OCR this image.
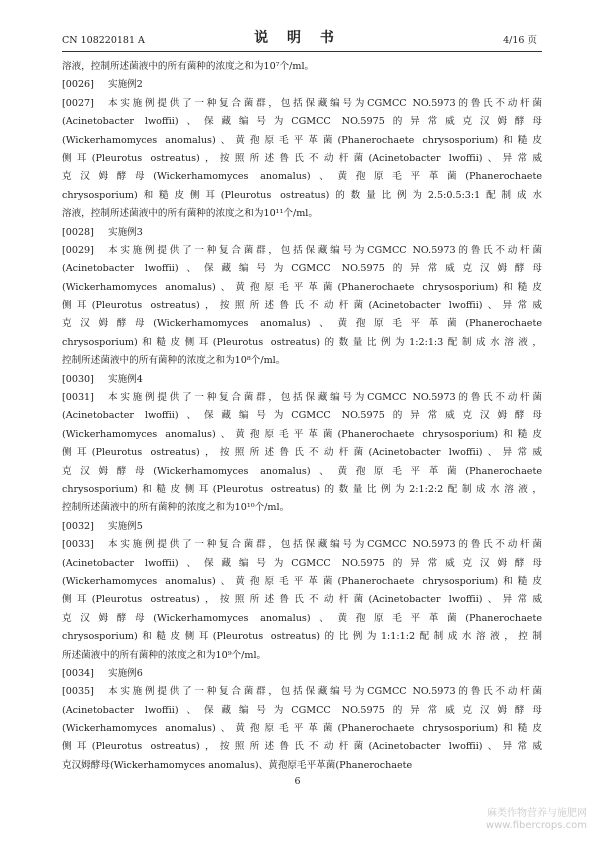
CN 108220181 A	说 明 书	4/16 页
溶液，控制所述菌液中的所有菌种的浓度之和为10⁷个/ml。
[0026]	实施例2
[0027]	本实施例提供了一种复合菌群，包括保藏编号为CGMCC NO.5973的鲁氏不动杆菌
(Acinetobacter lwoffii)、保藏编号为CGMCC NO.5975的异常威克汉姆酵母
(Wickerhamomyces anomalus)、黄孢原毛平革菌(Phanerochaete chrysosporium)和糙皮
侧耳(Pleurotus ostreatus)，按照所述鲁氏不动杆菌(Acinetobacter lwoffii)、异常威
克汉姆酵母(Wickerhamomyces anomalus)、黄孢原毛平革菌(Phanerochaete
chrysosporium)和糙皮侧耳(Pleurotus ostreatus)的数量比例为2.5:0.5:3:1配制成水
溶液，控制所述菌液中的所有菌种的浓度之和为10¹¹个/ml。
[0028]	实施例3
[0029]	本实施例提供了一种复合菌群，包括保藏编号为CGMCC NO.5973的鲁氏不动杆菌
(Acinetobacter lwoffii)、保藏编号为CGMCC NO.5975的异常威克汉姆酵母
(Wickerhamomyces anomalus)、黄孢原毛平革菌(Phanerochaete chrysosporium)和糙皮
侧耳(Pleurotus ostreatus)，按照所述鲁氏不动杆菌(Acinetobacter lwoffii)、异常威
克汉姆酵母(Wickerhamomyces anomalus)、黄孢原毛平革菌(Phanerochaete
chrysosporium)和糙皮侧耳(Pleurotus ostreatus)的数量比例为1:2:1:3配制成水溶液，
控制所述菌液中的所有菌种的浓度之和为10⁸个/ml。
[0030]	实施例4
[0031]	本实施例提供了一种复合菌群，包括保藏编号为CGMCC NO.5973的鲁氏不动杆菌
(Acinetobacter lwoffii)、保藏编号为CGMCC NO.5975的异常威克汉姆酵母
(Wickerhamomyces anomalus)、黄孢原毛平革菌(Phanerochaete chrysosporium)和糙皮
侧耳(Pleurotus ostreatus)，按照所述鲁氏不动杆菌(Acinetobacter lwoffii)、异常威
克汉姆酵母(Wickerhamomyces anomalus)、黄孢原毛平革菌(Phanerochaete
chrysosporium)和糙皮侧耳(Pleurotus ostreatus)的数量比例为2:1:2:2配制成水溶液，
控制所述菌液中的所有菌种的浓度之和为10¹⁰个/ml。
[0032]	实施例5
[0033]	本实施例提供了一种复合菌群，包括保藏编号为CGMCC NO.5973的鲁氏不动杆菌
(Acinetobacter lwoffii)、保藏编号为CGMCC NO.5975的异常威克汉姆酵母
(Wickerhamomyces anomalus)、黄孢原毛平革菌(Phanerochaete chrysosporium)和糙皮
侧耳(Pleurotus ostreatus)，按照所述鲁氏不动杆菌(Acinetobacter lwoffii)、异常威
克汉姆酵母(Wickerhamomyces anomalus)、黄孢原毛平革菌(Phanerochaete
chrysosporium)和糙皮侧耳(Pleurotus ostreatus)的比例为1:1:1:2配制成水溶液，控制
所述菌液中的所有菌种的浓度之和为10⁹个/ml。
[0034]	实施例6
[0035]	本实施例提供了一种复合菌群，包括保藏编号为CGMCC NO.5973的鲁氏不动杆菌
(Acinetobacter lwoffii)、保藏编号为CGMCC NO.5975的异常威克汉姆酵母
(Wickerhamomyces anomalus)、黄孢原毛平革菌(Phanerochaete chrysosporium)和糙皮
侧耳(Pleurotus ostreatus)，按照所述鲁氏不动杆菌(Acinetobacter lwoffii)、异常威
克汉姆酵母(Wickerhamomyces anomalus)、黄孢原毛平革菌(Phanerochaete
6
麻类作物营养与施肥网
www.fibercrops.com
